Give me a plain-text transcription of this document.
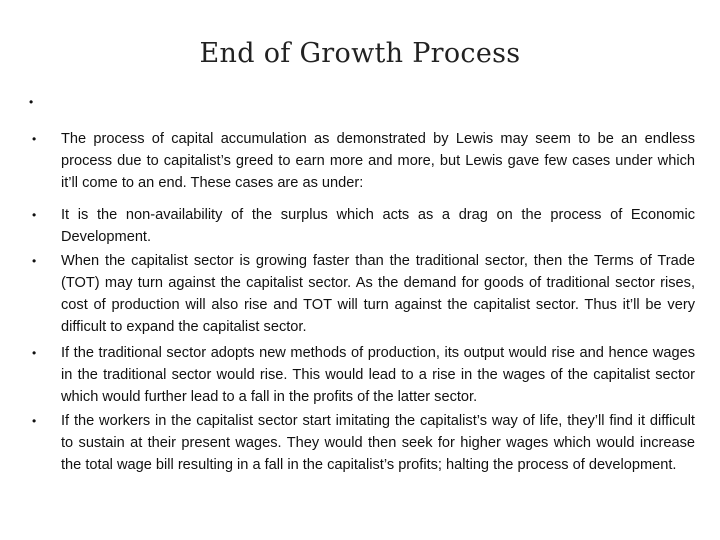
End of Growth Process
•
• The process of capital accumulation as demonstrated by Lewis may seem to be an endless process due to capitalist’s greed to earn more and more, but Lewis gave few cases under which it’ll come to an end. These cases are as under:
• It is the non-availability of the surplus which acts as a drag on the process of Economic Development.
• When the capitalist sector is growing faster than the traditional sector, then the Terms of Trade (TOT) may turn against the capitalist sector. As the demand for goods of traditional sector rises, cost of production will also rise and TOT will turn against the capitalist sector. Thus it’ll be very difficult to expand the capitalist sector.
• If the traditional sector adopts new methods of production, its output would rise and hence wages in the traditional sector would rise. This would lead to a rise in the wages of the capitalist sector which would further lead to a fall in the profits of the latter sector.
• If the workers in the capitalist sector start imitating the capitalist’s way of life, they’ll find it difficult to sustain at their present wages. They would then seek for higher wages which would increase the total wage bill resulting in a fall in the capitalist’s profits; halting the process of development.
